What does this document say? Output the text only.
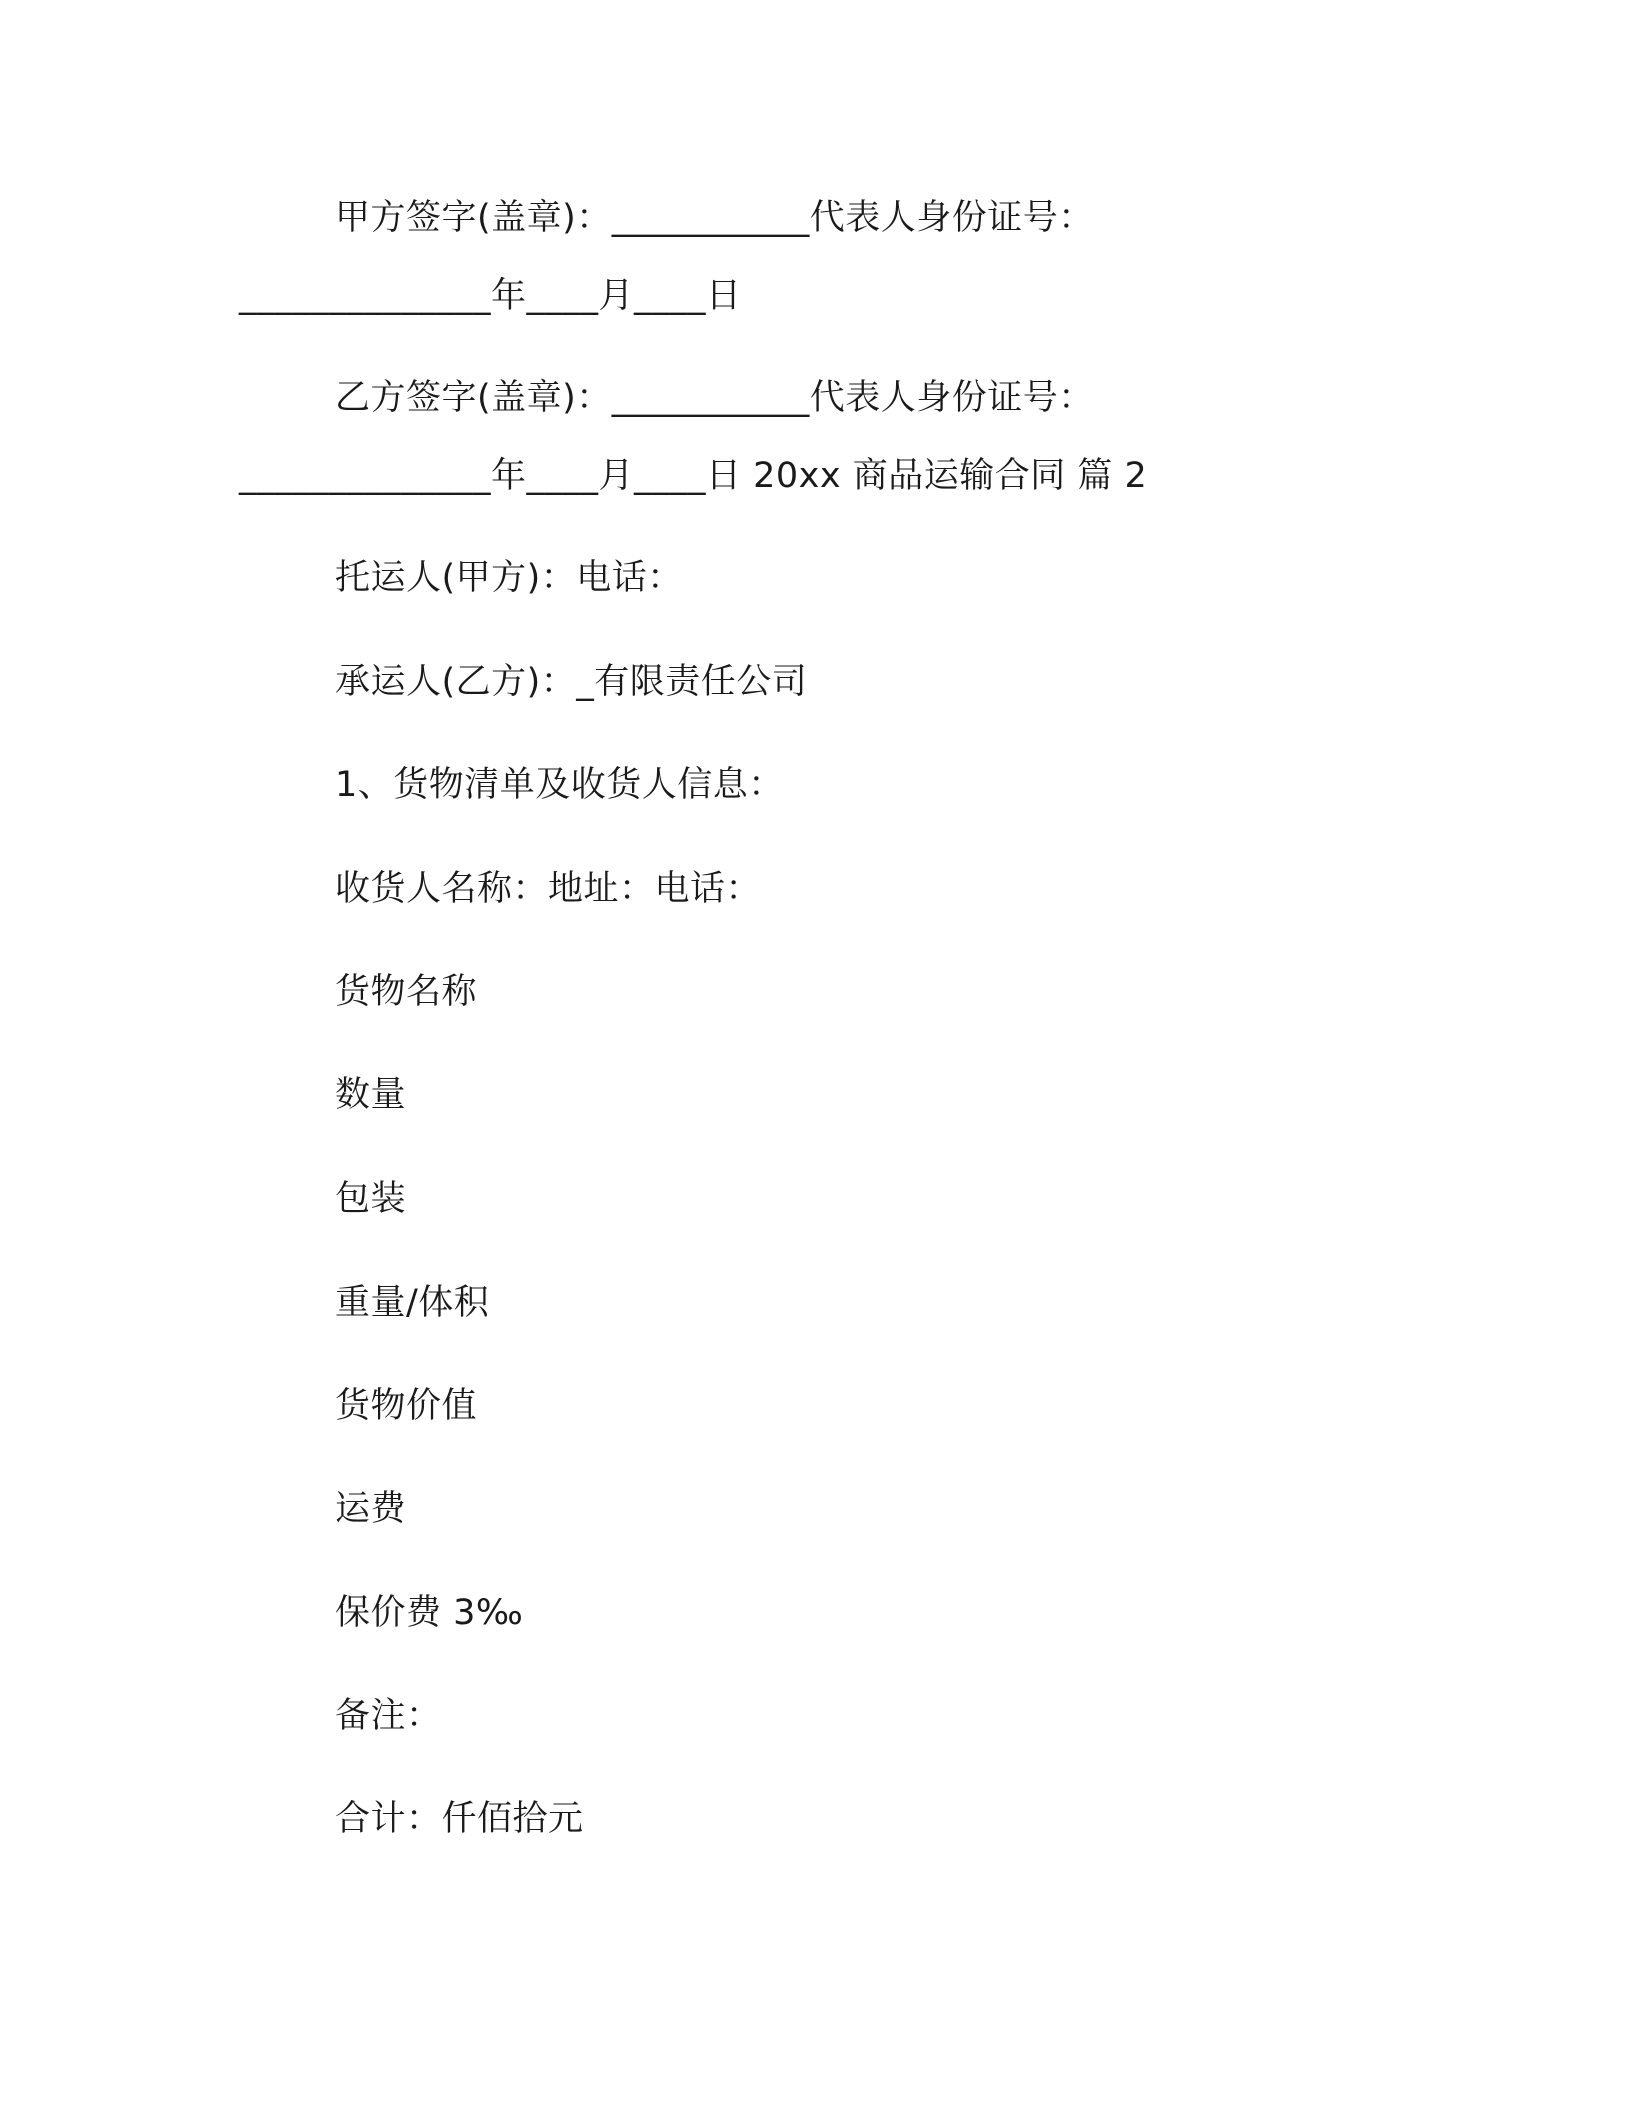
甲方签字(盖章)：___________代表人身份证号：
______________年____月____日
乙方签字(盖章)：___________代表人身份证号：
______________年____月____日 20xx 商品运输合同 篇 2
托运人(甲方)：电话：
承运人(乙方)：_有限责任公司
1、货物清单及收货人信息：
收货人名称：地址：电话：
货物名称
数量
包装
重量/体积
货物价值
运费
保价费 3‰
备注：
合计：仟佰拾元
